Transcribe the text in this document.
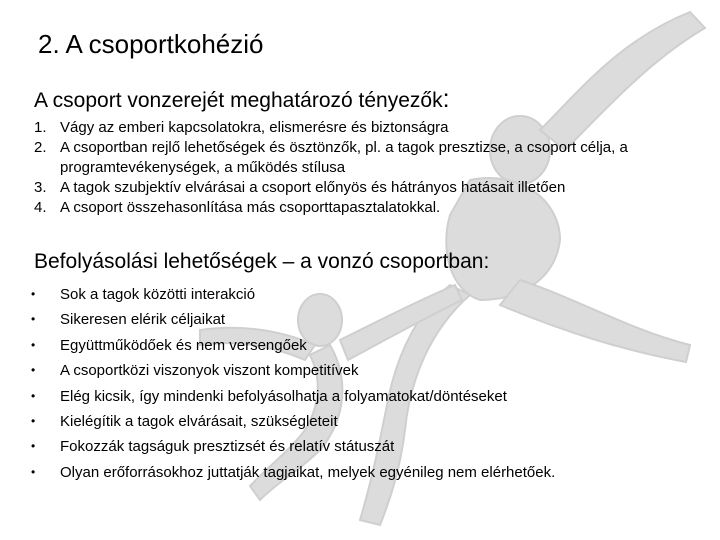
2. A csoportkohézió
A csoport vonzerejét meghatározó tényezők:
1. Vágy az emberi kapcsolatokra, elismerésre és biztonságra
2. A csoportban rejlő lehetőségek és ösztönzők, pl. a tagok presztizse, a csoport célja, a programtevékenységek, a működés stílusa
3. A tagok szubjektív elvárásai a csoport előnyös és hátrányos hatásait illetően
4. A csoport összehasonlítása más csoporttapasztalatokkal.
Befolyásolási lehetőségek – a vonzó csoportban:
•	Sok a tagok közötti interakció
•	Sikeresen elérik céljaikat
•	Együttműködőek és nem versengőek
•	A csoportközi viszonyok viszont kompetitívek
•	Elég kicsik, így mindenki befolyásolhatja a folyamatokat/döntéseket
•	Kielégítik a tagok elvárásait, szükségleteit
•	Fokozzák tagságuk presztizsét és relatív státuszát
•	Olyan erőforrásokhoz juttatják tagjaikat, melyek egyénileg nem elérhetőek.
